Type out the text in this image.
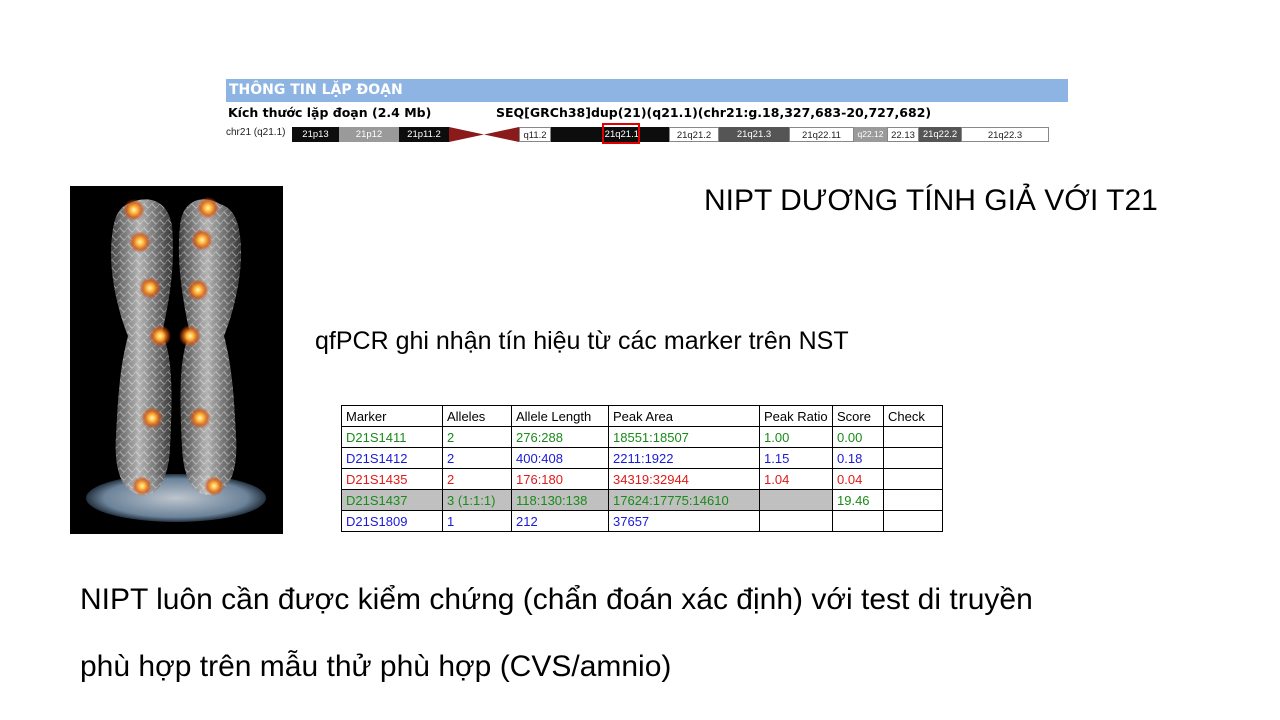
THÔNG TIN LẶP ĐOẠN
Kích thước lặp đoạn (2.4 Mb)	SEQ[GRCh38]dup(21)(q21.1)(chr21:g.18,327,683-20,727,682)
chr21 (q21.1)	21p13	21p12	21p11.2	q11.2	21q21.1	21q21.2	21q21.3	21q22.11	q22.12 22.13 21q22.2	21q22.3
NIPT DƯƠNG TÍNH GIẢ VỚI T21
qfPCR ghi nhận tín hiệu từ các marker trên NST
Marker	Alleles	Allele Length	Peak Area	Peak Ratio	Score	Check
D21S1411	2	276:288	18551:18507	1.00	0.00	
D21S1412	2	400:408	2211:1922	1.15	0.18	
D21S1435	2	176:180	34319:32944	1.04	0.04	
D21S1437	3 (1:1:1)	118:130:138	17624:17775:14610		19.46	
D21S1809	1	212	37657			
NIPT luôn cần được kiểm chứng (chẩn đoán xác định) với test di truyền
phù hợp trên mẫu thử phù hợp (CVS/amnio)
